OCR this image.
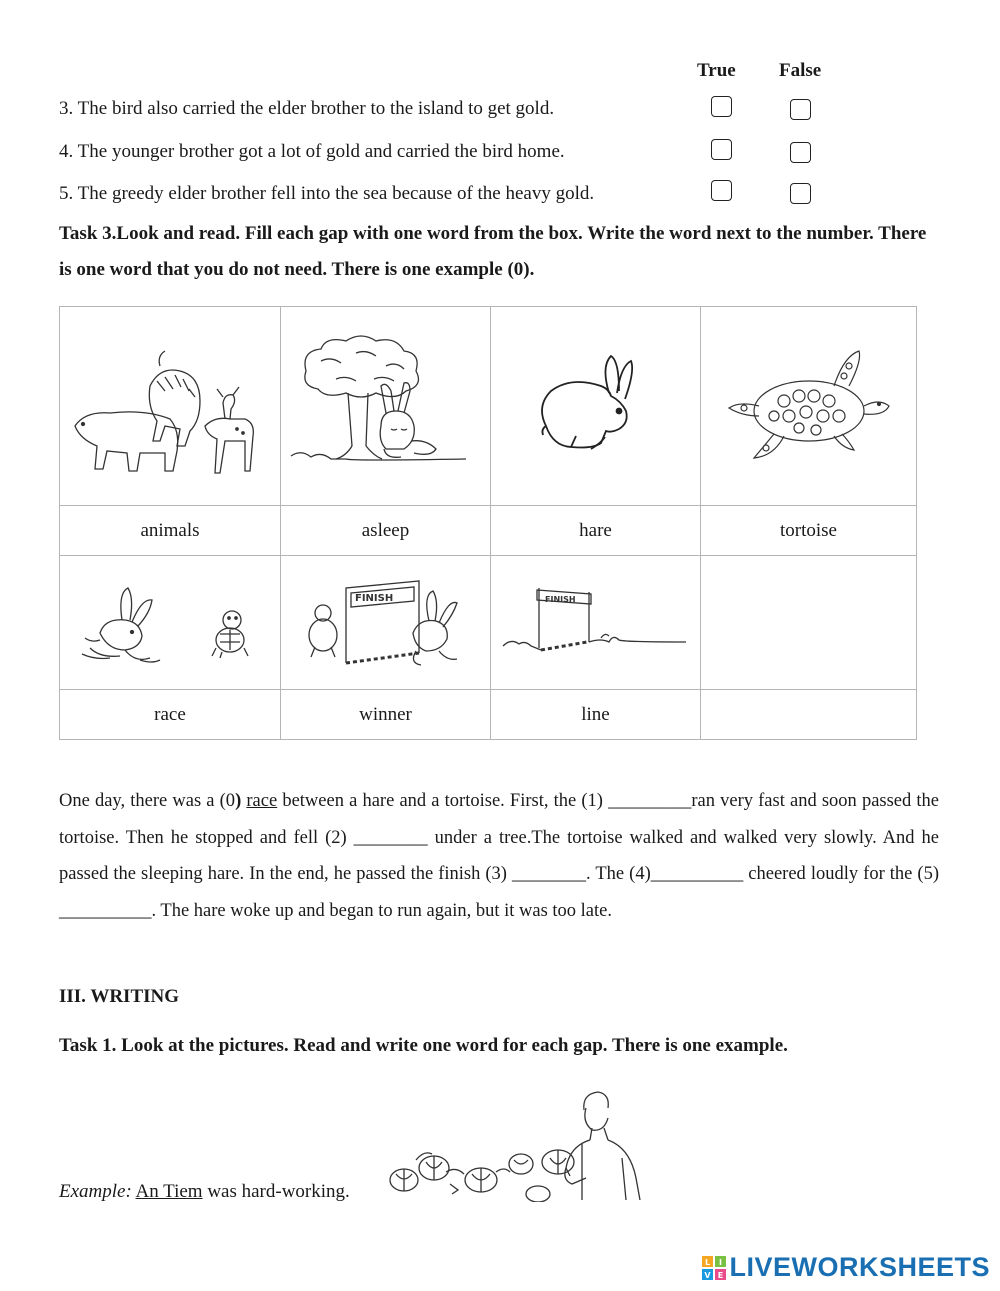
True False
3. The bird also carried the elder brother to the island to get gold.
4. The younger brother got a lot of gold and carried the bird home.
5. The greedy elder brother fell into the sea because of the heavy gold.
Task 3.Look and read. Fill each gap with one word from the box. Write the word next to the number. There is one word that you do not need. There is one example (0).

animals	asleep	hare	tortoise

FINISH	FINISH	

race	winner	line	
One day, there was a (0) race between a hare and a tortoise. First, the (1) _________ran very fast and soon passed the tortoise. Then he stopped and fell (2) ________ under a tree.The tortoise walked and walked very slowly. And he passed the sleeping hare. In the end, he passed the finish (3) ________. The (4)__________ cheered loudly for the (5) __________. The hare woke up and began to run again, but it was too late.
III. WRITING
Task 1. Look at the pictures. Read and write one word for each gap. There is one example.
Example: An Tiem was hard-working.
L I
V E LIVEWORKSHEETS
